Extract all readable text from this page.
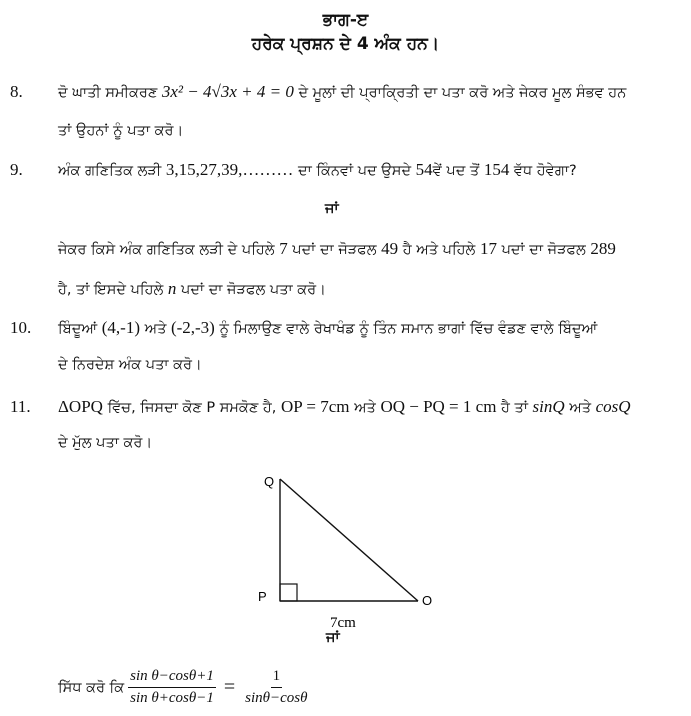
ਭਾਗ-ੲ
ਹਰੇਕ ਪ੍ਰਸ਼ਨ ਦੇ 4 ਅੰਕ ਹਨ।
8. ਦੋ ਘਾਤੀ ਸਮੀਕਰਣ 3x² − 4√3x + 4 = 0 ਦੇ ਮੂਲਾਂ ਦੀ ਪ੍ਰਾਕ੍ਰਿਤੀ ਦਾ ਪਤਾ ਕਰੋ ਅਤੇ ਜੇਕਰ ਮੂਲ ਸੰਭਵ ਹਨ
ਤਾਂ ਉਹਨਾਂ ਨੂੰ ਪਤਾ ਕਰੋ।
9. ਅੰਕ ਗਣਿਤਿਕ ਲੜੀ 3,15,27,39,……… ਦਾ ਕਿੰਨਵਾਂ ਪਦ ਉਸਦੇ 54ਵੇਂ ਪਦ ਤੋਂ 154 ਵੱਧ ਹੋਵੇਗਾ?
ਜਾਂ
ਜੇਕਰ ਕਿਸੇ ਅੰਕ ਗਣਿਤਿਕ ਲੜੀ ਦੇ ਪਹਿਲੇ 7 ਪਦਾਂ ਦਾ ਜੋੜਫਲ 49 ਹੈ ਅਤੇ ਪਹਿਲੇ 17 ਪਦਾਂ ਦਾ ਜੋੜਫਲ 289
ਹੈ, ਤਾਂ ਇਸਦੇ ਪਹਿਲੇ n ਪਦਾਂ ਦਾ ਜੋੜਫਲ ਪਤਾ ਕਰੋ।
10. ਬਿੰਦੂਆਂ (4,-1) ਅਤੇ (-2,-3) ਨੂੰ ਮਿਲਾਉਣ ਵਾਲੇ ਰੇਖਾਖੰਡ ਨੂੰ ਤਿੰਨ ਸਮਾਨ ਭਾਗਾਂ ਵਿੱਚ ਵੰਡਣ ਵਾਲੇ ਬਿੰਦੂਆਂ
ਦੇ ਨਿਰਦੇਸ਼ ਅੰਕ ਪਤਾ ਕਰੋ।
11. ΔOPQ ਵਿੱਚ, ਜਿਸਦਾ ਕੋਣ P ਸਮਕੋਣ ਹੈ, OP = 7cm ਅਤੇ OQ − PQ = 1 cm ਹੈ ਤਾਂ sinQ ਅਤੇ cosQ
ਦੇ ਮੁੱਲ ਪਤਾ ਕਰੋ।
Q
P	O
7cm
ਜਾਂ
ਸਿੱਧ ਕਰੋ ਕਿ $\frac{\text{sin θ−cosθ+1}}{\text{sin θ+cosθ−1}} = \frac{1}{\sin\theta-\cos\theta}$
